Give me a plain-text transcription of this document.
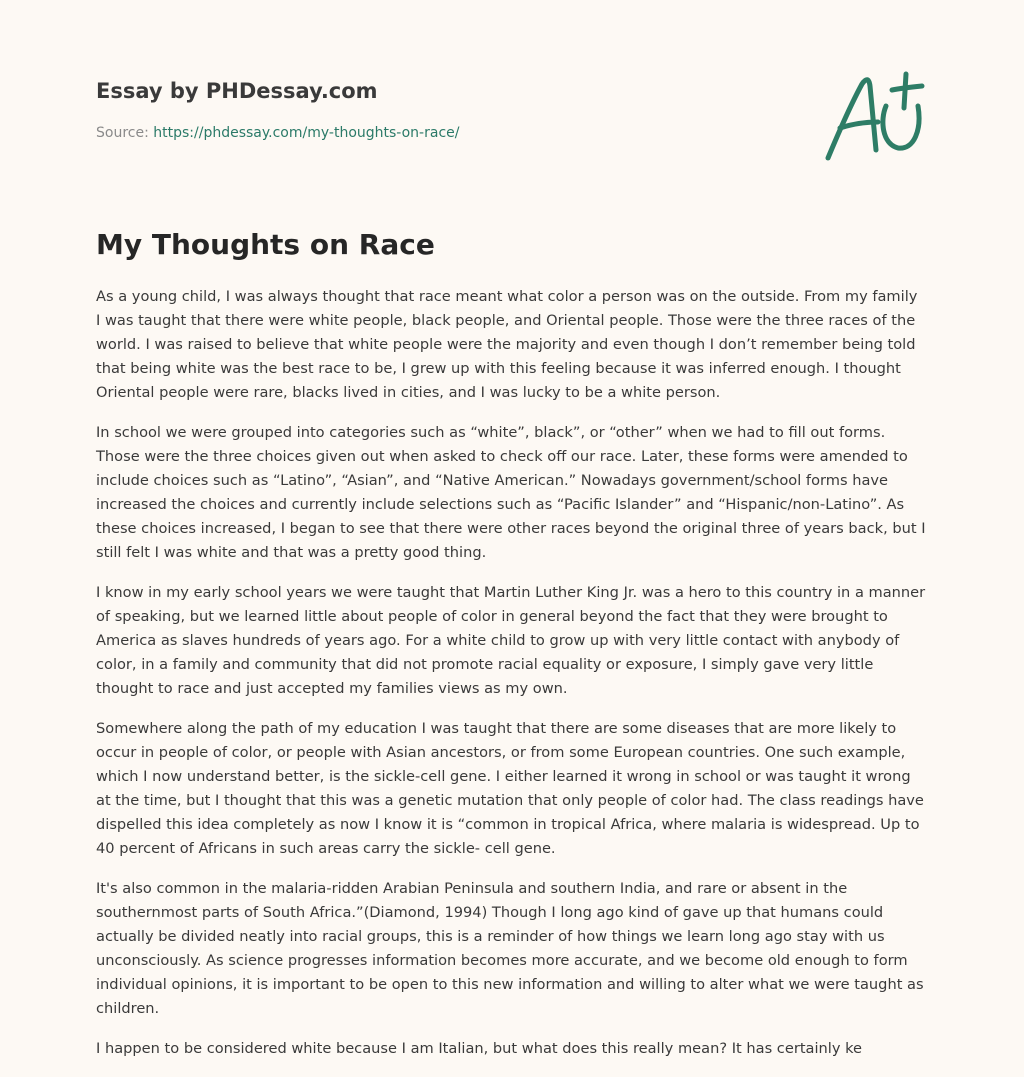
Essay by PHDessay.com
Source: https://phdessay.com/my-thoughts-on-race/
My Thoughts on Race

As a young child, I was always thought that race meant what color a person was on the outside. From my family I was taught that there were white people, black people, and Oriental people. Those were the three races of the world. I was raised to believe that white people were the majority and even though I don’t remember being told that being white was the best race to be, I grew up with this feeling because it was inferred enough. I thought Oriental people were rare, blacks lived in cities, and I was lucky to be a white person.

In school we were grouped into categories such as “white”, black”, or “other” when we had to fill out forms. Those were the three choices given out when asked to check off our race. Later, these forms were amended to include choices such as “Latino”, “Asian”, and “Native American.” Nowadays government/school forms have increased the choices and currently include selections such as “Pacific Islander” and “Hispanic/non-Latino”. As these choices increased, I began to see that there were other races beyond the original three of years back, but I still felt I was white and that was a pretty good thing.

I know in my early school years we were taught that Martin Luther King Jr. was a hero to this country in a manner of speaking, but we learned little about people of color in general beyond the fact that they were brought to America as slaves hundreds of years ago. For a white child to grow up with very little contact with anybody of color, in a family and community that did not promote racial equality or exposure, I simply gave very little thought to race and just accepted my families views as my own.

Somewhere along the path of my education I was taught that there are some diseases that are more likely to occur in people of color, or people with Asian ancestors, or from some European countries. One such example, which I now understand better, is the sickle-cell gene. I either learned it wrong in school or was taught it wrong at the time, but I thought that this was a genetic mutation that only people of color had. The class readings have dispelled this idea completely as now I know it is “common in tropical Africa, where malaria is widespread. Up to 40 percent of Africans in such areas carry the sickle- cell gene.

It's also common in the malaria-ridden Arabian Peninsula and southern India, and rare or absent in the southernmost parts of South Africa.”(Diamond, 1994) Though I long ago kind of gave up that humans could actually be divided neatly into racial groups, this is a reminder of how things we learn long ago stay with us unconsciously. As science progresses information becomes more accurate, and we become old enough to form individual opinions, it is important to be open to this new information and willing to alter what we were taught as children.

I happen to be considered white because I am Italian, but what does this really mean? It has certainly ke
